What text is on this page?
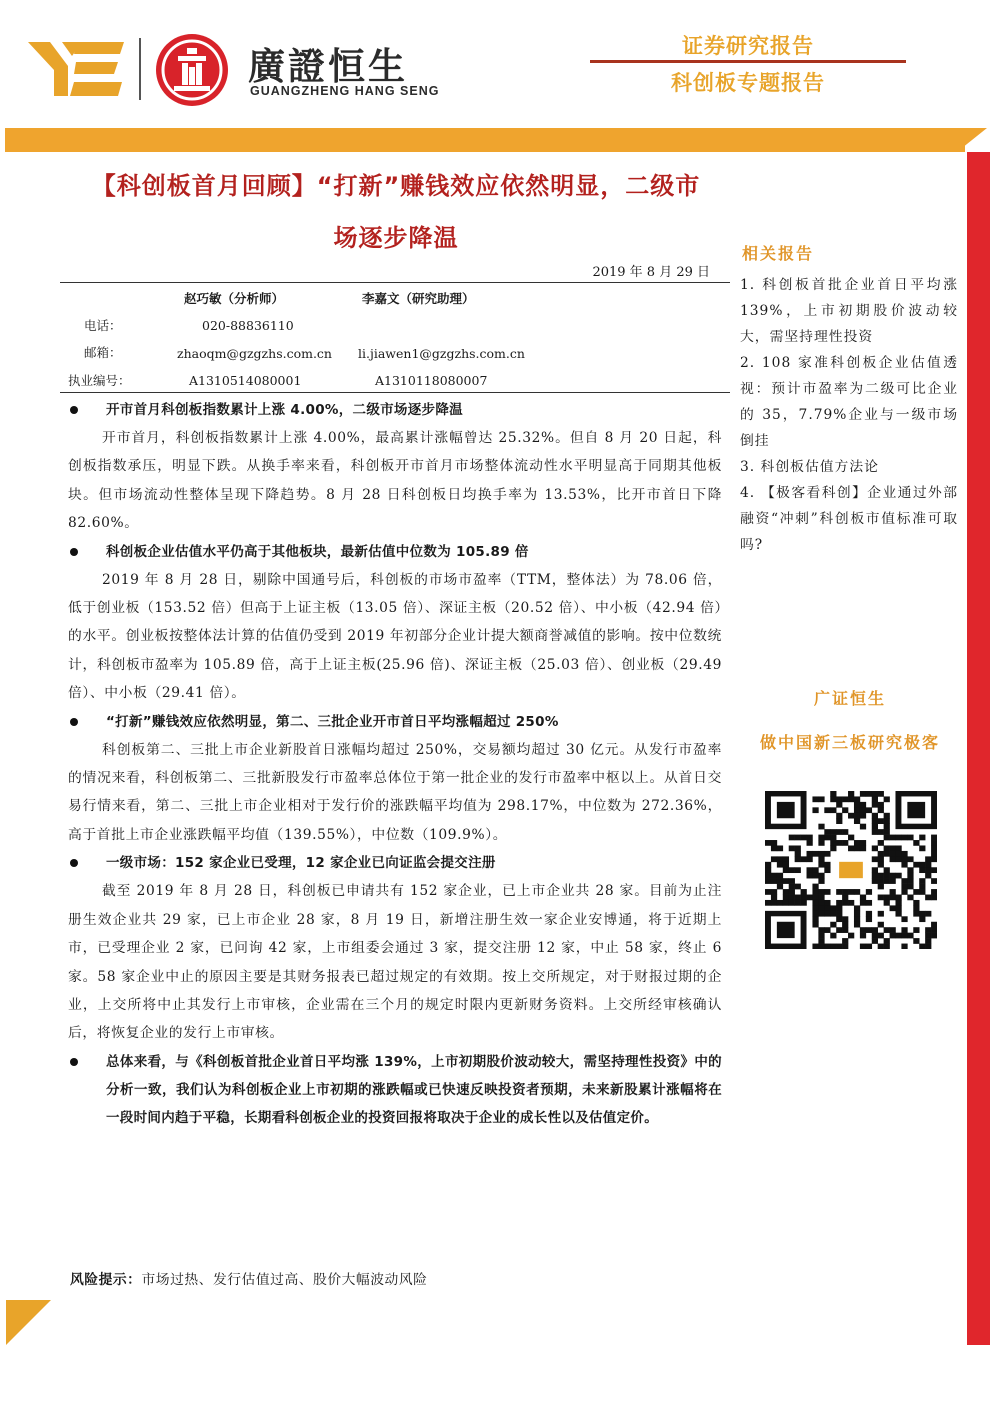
廣證恒生
GUANGZHENG HANG SENG
证券研究报告
科创板专题报告
【科创板首月回顾】“打新”赚钱效应依然明显，二级市
场逐步降温
2019 年 8 月 29 日
赵巧敏（分析师）	李嘉文（研究助理）
电话：	020-88836110
邮箱：	zhaoqm@gzgzhs.com.cn li.jiawen1@gzgzhs.com.cn
执业编号：	A1310514080001	A1310118080007
开市首月科创板指数累计上涨 4.00%，二级市场逐步降温

开市首月，科创板指数累计上涨 4.00%，最高累计涨幅曾达 25.32%。但自 8 月 20 日起，科创板指数承压，明显下跌。从换手率来看，科创板开市首月市场整体流动性水平明显高于同期其他板块。但市场流动性整体呈现下降趋势。8 月 28 日科创板日均换手率为 13.53%，比开市首日下降 82.60%。

科创板企业估值水平仍高于其他板块，最新估值中位数为 105.89 倍

2019 年 8 月 28 日，剔除中国通号后，科创板的市场市盈率（TTM，整体法）为 78.06 倍，低于创业板（153.52 倍）但高于上证主板（13.05 倍）、深证主板（20.52 倍）、中小板（42.94 倍）的水平。创业板按整体法计算的估值仍受到 2019 年初部分企业计提大额商誉减值的影响。按中位数统计，科创板市盈率为 105.89 倍，高于上证主板(25.96 倍)、深证主板（25.03 倍）、创业板（29.49 倍）、中小板（29.41 倍）。

“打新”赚钱效应依然明显，第二、三批企业开市首日平均涨幅超过 250%

科创板第二、三批上市企业新股首日涨幅均超过 250%，交易额均超过 30 亿元。从发行市盈率的情况来看，科创板第二、三批新股发行市盈率总体位于第一批企业的发行市盈率中枢以上。从首日交易行情来看，第二、三批上市企业相对于发行价的涨跌幅平均值为 298.17%，中位数为 272.36%，高于首批上市企业涨跌幅平均值（139.55%），中位数（109.9%）。

一级市场：152 家企业已受理，12 家企业已向证监会提交注册

截至 2019 年 8 月 28 日，科创板已申请共有 152 家企业，已上市企业共 28 家。目前为止注册生效企业共 29 家，已上市企业 28 家，8 月 19 日，新增注册生效一家企业安博通，将于近期上市，已受理企业 2 家，已问询 42 家，上市组委会通过 3 家，提交注册 12 家，中止 58 家，终止 6 家。58 家企业中止的原因主要是其财务报表已超过规定的有效期。按上交所规定，对于财报过期的企业，上交所将中止其发行上市审核，企业需在三个月的规定时限内更新财务资料。上交所经审核确认后，将恢复企业的发行上市审核。

总体来看，与《科创板首批企业首日平均涨 139%，上市初期股价波动较大，需坚持理性投资》中的分析一致，我们认为科创板企业上市初期的涨跌幅或已快速反映投资者预期，未来新股累计涨幅将在一段时间内趋于平稳，长期看科创板企业的投资回报将取决于企业的成长性以及估值定价。
风险提示：市场过热、发行估值过高、股价大幅波动风险
相关报告
1. 科创板首批企业首日平均涨 139%，上市初期股价波动较大，需坚持理性投资
2. 108 家准科创板企业估值透视：预计市盈率为二级可比企业的 35，7.79%企业与一级市场倒挂
3. 科创板估值方法论
4. 【极客看科创】企业通过外部融资“冲刺”科创板市值标准可取吗?
广证恒生
做中国新三板研究极客
